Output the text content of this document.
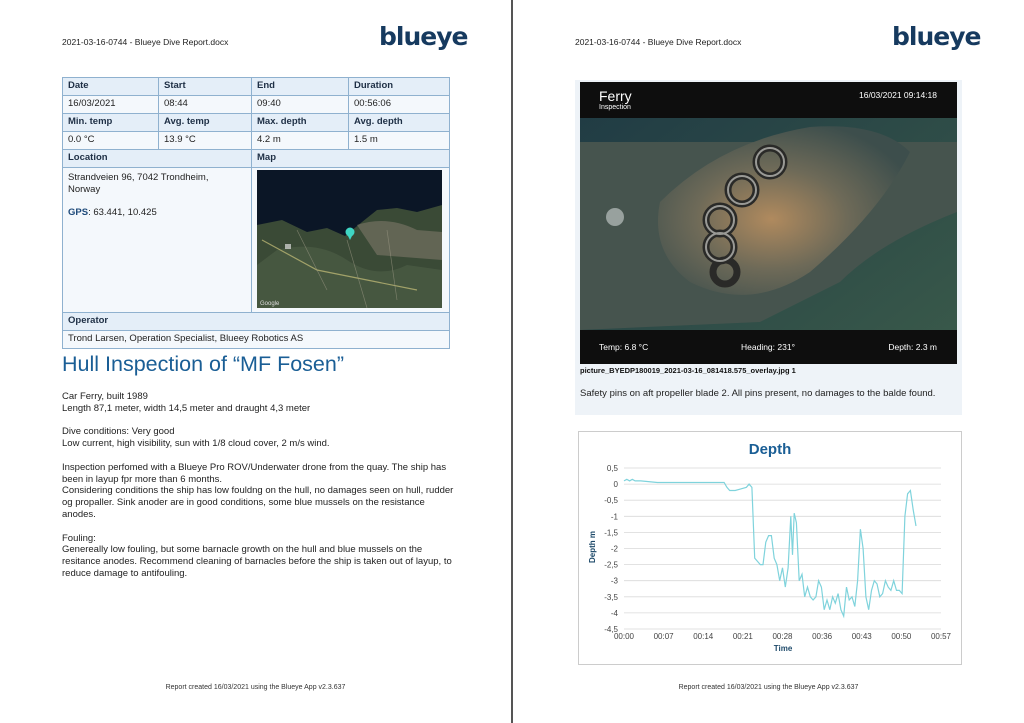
2021-03-16-0744 - Blueye Dive Report.docx	blueye
Date	Start	End	Duration
16/03/2021	08:44	09:40	00:56:06
Min. temp	Avg. temp	Max. depth	Avg. depth
0.0 °C	13.9 °C	4.2 m	1.5 m
Location		Map	

Strandveien 96, 7042 Trondheim,
Norway
GPS: 63.441, 10.425		Google	

Operator			
Trond Larsen, Operation Specialist, Blueey Robotics AS			
Hull Inspection of “MF Fosen”

Car Ferry, built 1989
Length 87,1 meter, width 14,5 meter and draught 4,3 meter

Dive conditions: Very good
Low current, high visibility, sun with 1/8 cloud cover, 2 m/s wind.

Inspection perfomed with a Blueye Pro ROV/Underwater drone from the quay. The ship has been in layup fpr more than 6 months.

Considering conditions the ship has low fouldng on the hull, no damages seen on hull, rudder og propaller. Sink anoder are in good conditions, some blue mussels on the resistance anodes.

Fouling:
Genereally low fouling, but some barnacle growth on the hull and blue mussels on the resitance anodes. Recommend cleaning of barnacles before the ship is taken out of layup, to reduce damage to antifouling.

Report created 16/03/2021 using the Blueye App v2.3.637
2021-03-16-0744 - Blueye Dive Report.docx	blueye
Report created 16/03/2021 using the Blueye App v2.3.637
Ferry
Inspection
16/03/2021 09:14:18
Temp: 6.8 °C	Heading: 231°	Depth: 2.3 m
picture_BYEDP180019_2021-03-16_081418.575_overlay.jpg 1
Safety pins on aft propeller blade 2. All pins present, no damages to the balde found.
Depth
0,5
0
-0,5
-1
-1,5
-2
-2,5
-3
-3,5
-4
-4,5
00:00 00:07 00:14 00:21 00:28 00:36 00:43 00:50 00:57
Depth m
Time
